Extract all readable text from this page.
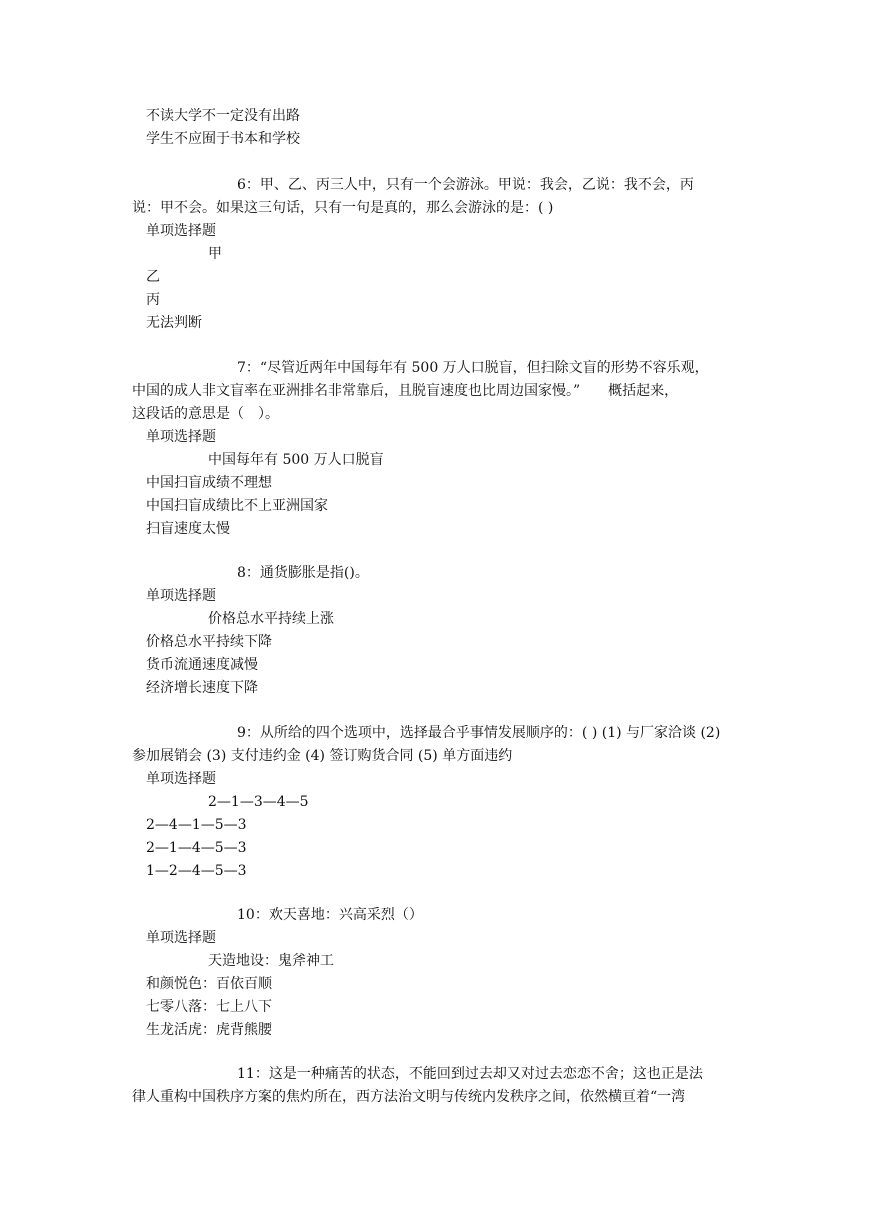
不读大学不一定没有出路
学生不应囿于书本和学校
6：甲、乙、丙三人中，只有一个会游泳。甲说：我会，乙说：我不会，丙
说：甲不会。如果这三句话，只有一句是真的，那么会游泳的是：( )
单项选择题
甲
乙
丙
无法判断
7：“尽管近两年中国每年有 500 万人口脱盲，但扫除文盲的形势不容乐观，
中国的成人非文盲率在亚洲排名非常靠后，且脱盲速度也比周边国家慢。”　　概括起来，
这段话的意思是（　）。
单项选择题
中国每年有 500 万人口脱盲
中国扫盲成绩不理想
中国扫盲成绩比不上亚洲国家
扫盲速度太慢
8：通货膨胀是指()。
单项选择题
价格总水平持续上涨
价格总水平持续下降
货币流通速度减慢
经济增长速度下降
9：从所给的四个选项中，选择最合乎事情发展顺序的：( ) (1) 与厂家洽谈 (2)
参加展销会 (3) 支付违约金 (4) 签订购货合同 (5) 单方面违约
单项选择题
2—1—3—4—5
2—4—1—5—3
2—1—4—5—3
1—2—4—5—3
10：欢天喜地：兴高采烈（）
单项选择题
天造地设：鬼斧神工
和颜悦色：百依百顺
七零八落：七上八下
生龙活虎：虎背熊腰
11：这是一种痛苦的状态，不能回到过去却又对过去恋恋不舍；这也正是法
律人重构中国秩序方案的焦灼所在，西方法治文明与传统内发秩序之间，依然横亘着“一湾
